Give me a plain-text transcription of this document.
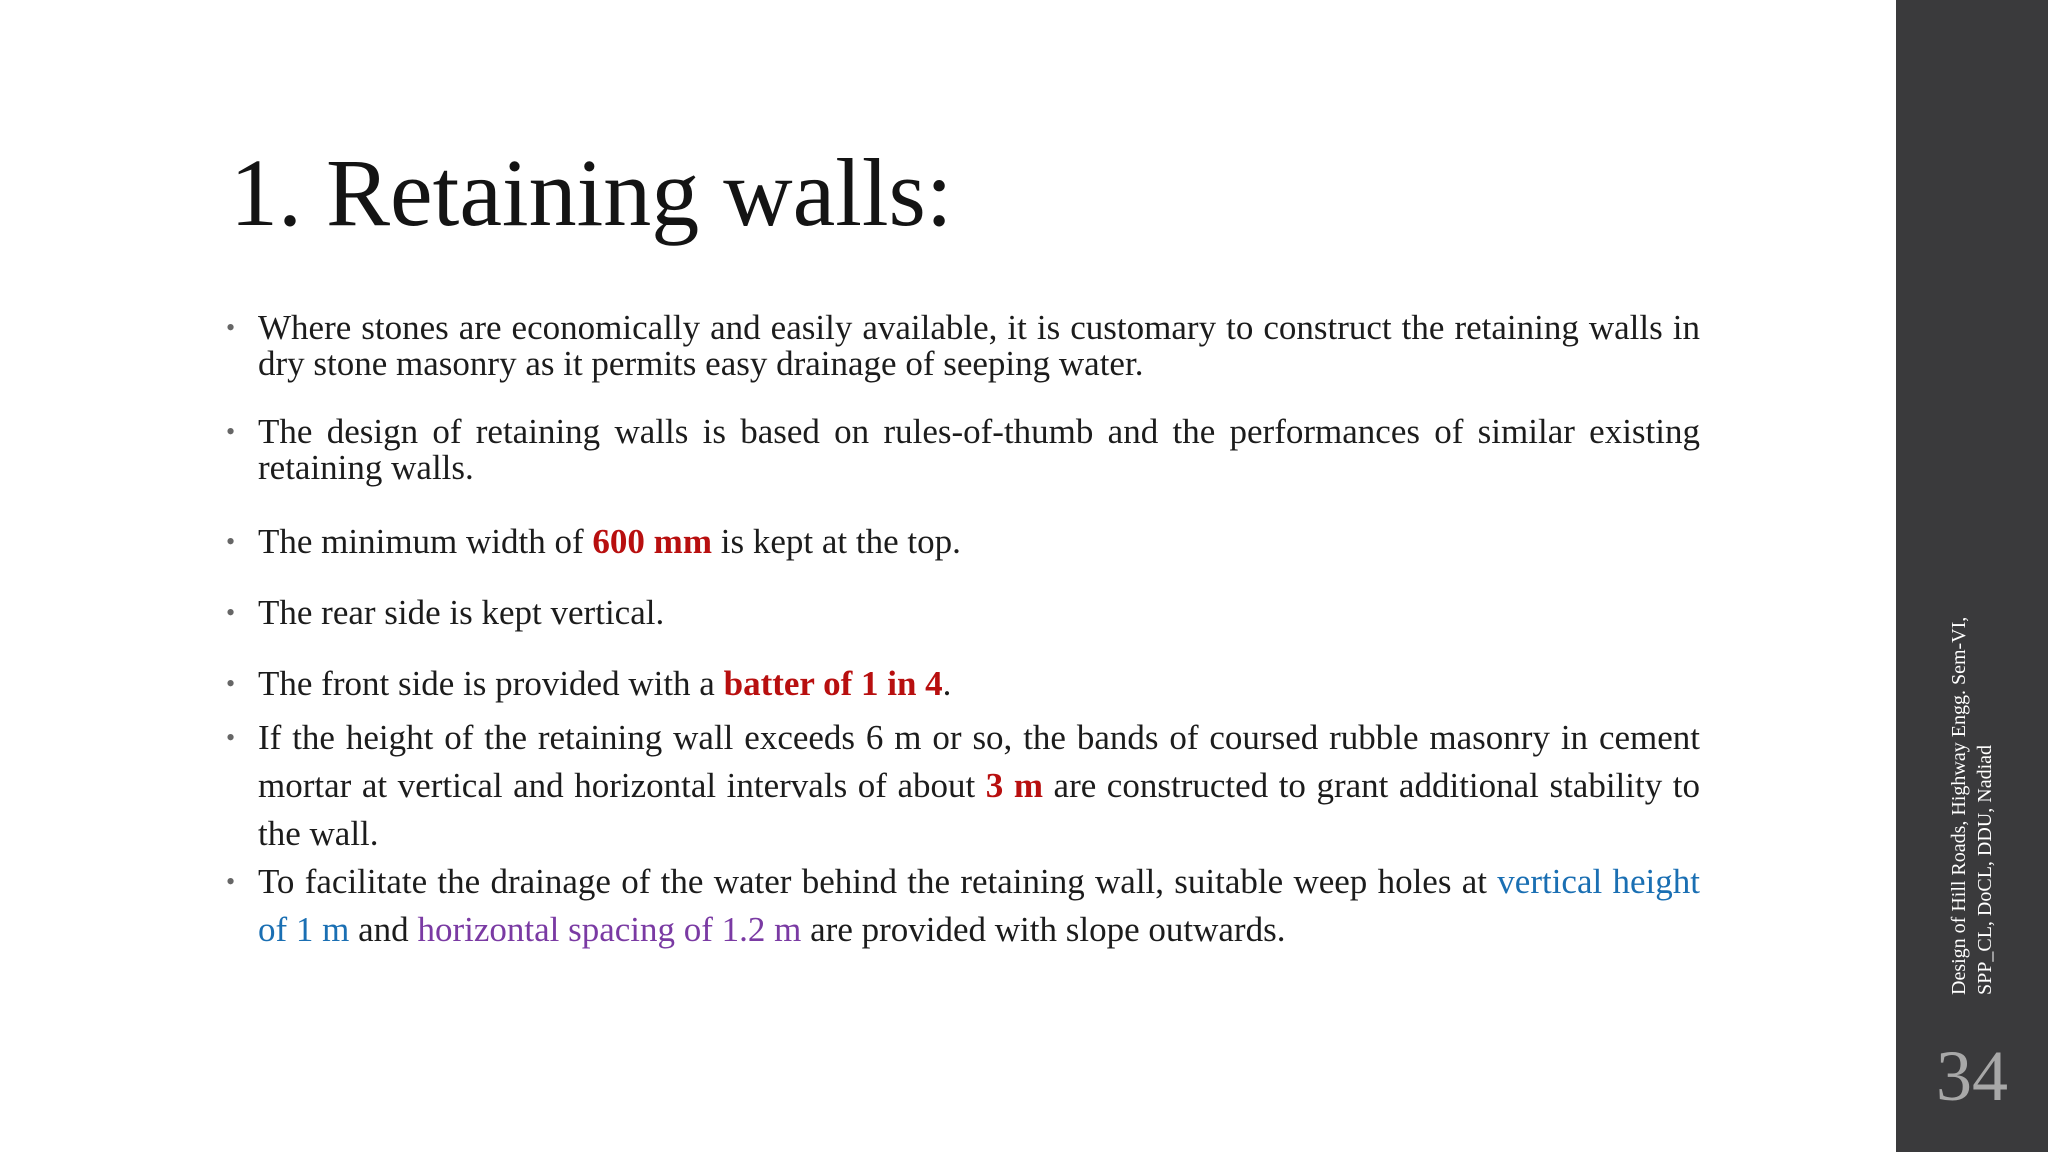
1. Retaining walls:
• Where stones are economically and easily available, it is customary to construct the retaining walls in dry stone masonry as it permits easy drainage of seeping water.
• The design of retaining walls is based on rules-of-thumb and the performances of similar existing retaining walls.
• The minimum width of 600 mm is kept at the top.
• The rear side is kept vertical.
• The front side is provided with a batter of 1 in 4.
• If the height of the retaining wall exceeds 6 m or so, the bands of coursed rubble masonry in cement mortar at vertical and horizontal intervals of about 3 m are constructed to grant additional stability to the wall.
• To facilitate the drainage of the water behind the retaining wall, suitable weep holes at vertical height of 1 m and horizontal spacing of 1.2 m are provided with slope outwards.	Design of Hill Roads, Highway Engg. Sem-VI, SPP_CL, DoCL, DDU, Nadiad
34
